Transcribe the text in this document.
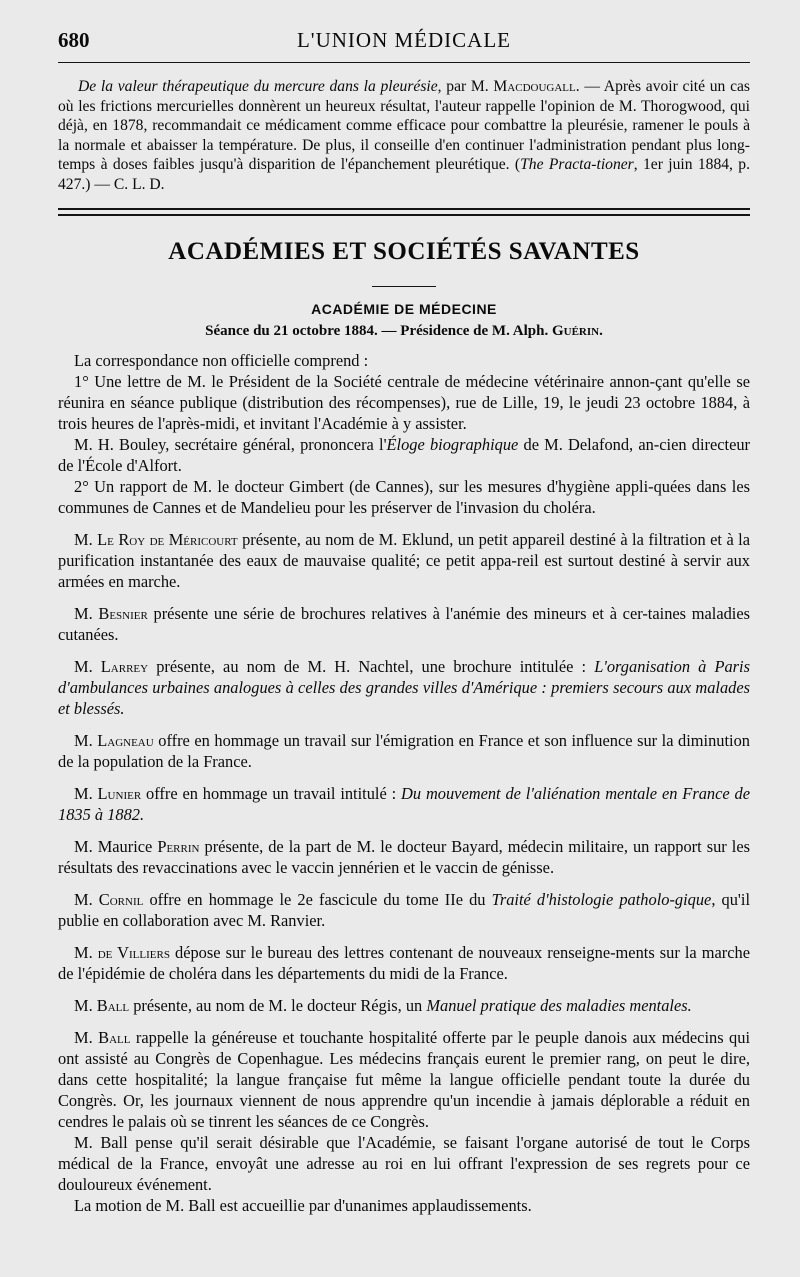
680	L'UNION MÉDICALE

De la valeur thérapeutique du mercure dans la pleurésie, par M. Macdougall. — Après avoir cité un cas où les frictions mercurielles donnèrent un heureux résultat, l'auteur rappelle l'opinion de M. Thorogwood, qui déjà, en 1878, recommandait ce médicament comme efficace pour combattre la pleurésie, ramener le pouls à la normale et abaisser la température. De plus, il conseille d'en continuer l'administration pendant plus long-temps à doses faibles jusqu'à disparition de l'épanchement pleurétique. (The Practa-tioner, 1er juin 1884, p. 427.) — C. L. D.

ACADÉMIES ET SOCIÉTÉS SAVANTES
ACADÉMIE DE MÉDECINE
Séance du 21 octobre 1884. — Présidence de M. Alph. Guérin.

La correspondance non officielle comprend :

1° Une lettre de M. le Président de la Société centrale de médecine vétérinaire annon-çant qu'elle se réunira en séance publique (distribution des récompenses), rue de Lille, 19, le jeudi 23 octobre 1884, à trois heures de l'après-midi, et invitant l'Académie à y assister.

M. H. Bouley, secrétaire général, prononcera l'Éloge biographique de M. Delafond, an-cien directeur de l'École d'Alfort.

2° Un rapport de M. le docteur Gimbert (de Cannes), sur les mesures d'hygiène appli-quées dans les communes de Cannes et de Mandelieu pour les préserver de l'invasion du choléra.

M. Le Roy de Méricourt présente, au nom de M. Eklund, un petit appareil destiné à la filtration et à la purification instantanée des eaux de mauvaise qualité; ce petit appa-reil est surtout destiné à servir aux armées en marche.

M. Besnier présente une série de brochures relatives à l'anémie des mineurs et à cer-taines maladies cutanées.

M. Larrey présente, au nom de M. H. Nachtel, une brochure intitulée : L'organisation à Paris d'ambulances urbaines analogues à celles des grandes villes d'Amérique : premiers secours aux malades et blessés.

M. Lagneau offre en hommage un travail sur l'émigration en France et son influence sur la diminution de la population de la France.

M. Lunier offre en hommage un travail intitulé : Du mouvement de l'aliénation mentale en France de 1835 à 1882.

M. Maurice Perrin présente, de la part de M. le docteur Bayard, médecin militaire, un rapport sur les résultats des revaccinations avec le vaccin jennérien et le vaccin de génisse.

M. Cornil offre en hommage le 2e fascicule du tome IIe du Traité d'histologie patholo-gique, qu'il publie en collaboration avec M. Ranvier.

M. de Villiers dépose sur le bureau des lettres contenant de nouveaux renseigne-ments sur la marche de l'épidémie de choléra dans les départements du midi de la France.

M. Ball présente, au nom de M. le docteur Régis, un Manuel pratique des maladies mentales.

M. Ball rappelle la généreuse et touchante hospitalité offerte par le peuple danois aux médecins qui ont assisté au Congrès de Copenhague. Les médecins français eurent le premier rang, on peut le dire, dans cette hospitalité; la langue française fut même la langue officielle pendant toute la durée du Congrès. Or, les journaux viennent de nous apprendre qu'un incendie à jamais déplorable a réduit en cendres le palais où se tinrent les séances de ce Congrès.

M. Ball pense qu'il serait désirable que l'Académie, se faisant l'organe autorisé de tout le Corps médical de la France, envoyât une adresse au roi en lui offrant l'expression de ses regrets pour ce douloureux événement.

La motion de M. Ball est accueillie par d'unanimes applaudissements.
